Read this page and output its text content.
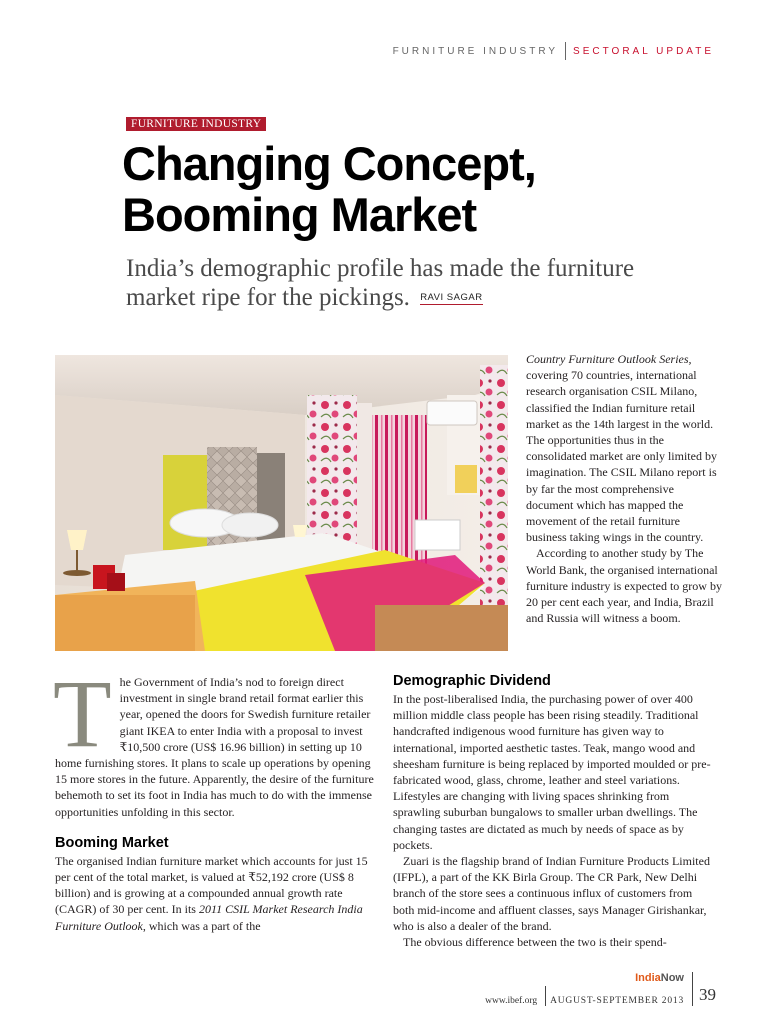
FURNITURE INDUSTRY SECTORAL UPDATE
FURNITURE INDUSTRY
Changing Concept,
Booming Market

India’s demographic profile has made the furniture market ripe for the pickings. $^{RAVI SAGAR}$

Country Furniture Outlook Series, covering 70 countries, international research organisation CSIL Milano, classified the Indian furniture retail market as the 14th largest in the world. The opportunities thus in the consolidated market are only limited by imagination. The CSIL Milano report is by far the most comprehensive document which has mapped the movement of the retail furniture business taking wings in the country.

According to another study by The World Bank, the organised international furniture industry is expected to grow by 20 per cent each year, and India, Brazil and Russia will witness a boom.

The Government of India’s nod to foreign direct investment in single brand retail format earlier this year, opened the doors for Swedish furniture retailer giant IKEA to enter India with a proposal to invest ₹10,500 crore (US$ 16.96 billion) in setting up 10 home furnishing stores. It plans to scale up operations by opening 15 more stores in the future. Apparently, the desire of the furniture behemoth to set its foot in India has much to do with the immense opportunities unfolding in this sector.

Booming Market

The organised Indian furniture market which accounts for just 15 per cent of the total market, is valued at ₹52,192 crore (US$ 8 billion) and is growing at a compounded annual growth rate (CAGR) of 30 per cent. In its 2011 CSIL Market Research India Furniture Outlook, which was a part of the

Demographic Dividend

In the post-liberalised India, the purchasing power of over 400 million middle class people has been rising steadily. Traditional handcrafted indigenous wood furniture has given way to international, imported aesthetic tastes. Teak, mango wood and sheesham furniture is being replaced by imported moulded or pre-fabricated wood, glass, chrome, leather and steel variations. Lifestyles are changing with living spaces shrinking from sprawling suburban bungalows to smaller urban dwellings. The changing tastes are dictated as much by needs of space as by pockets.

Zuari is the flagship brand of Indian Furniture Products Limited (IFPL), a part of the KK Birla Group. The CR Park, New Delhi branch of the store sees a continuous influx of customers from both mid-income and affluent classes, says Manager Girishankar, who is also a dealer of the brand.

The obvious difference between the two is their spend-

IndiaNow
www.ibef.org AUGUST-SEPTEMBER 2013 39
